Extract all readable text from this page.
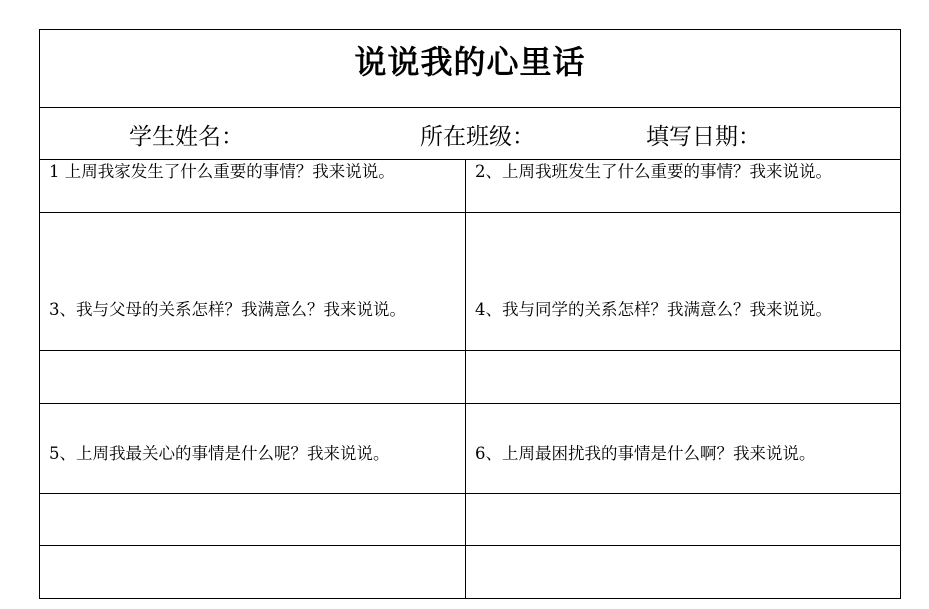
说说我的心里话
学生姓名：	所在班级：	填写日期：
1 上周我家发生了什么重要的事情？我来说说。	2、上周我班发生了什么重要的事情？我来说说。
3、我与父母的关系怎样？我满意么？我来说说。	4、我与同学的关系怎样？我满意么？我来说说。
5、上周我最关心的事情是什么呢？我来说说。	6、上周最困扰我的事情是什么啊？我来说说。
